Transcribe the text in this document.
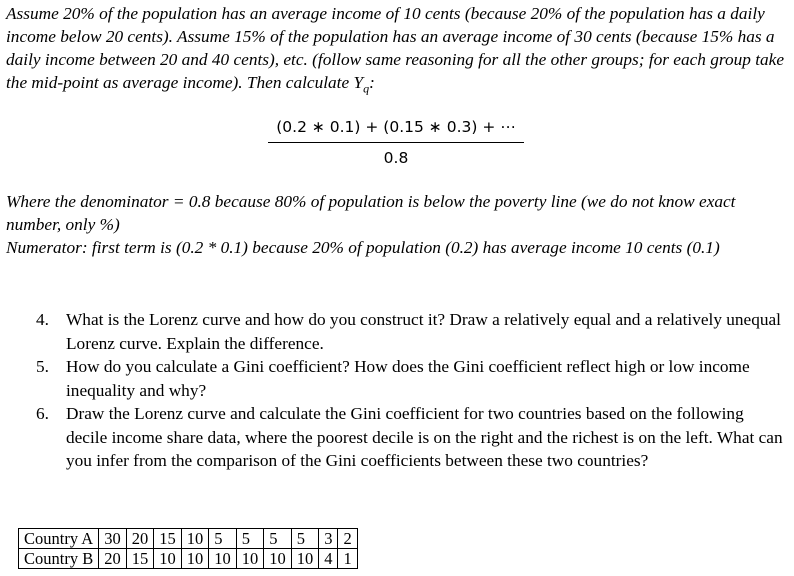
Assume 20% of the population has an average income of 10 cents (because 20% of the population has a daily income below 20 cents). Assume 15% of the population has an average income of 30 cents (because 15% has a daily income between 20 and 40 cents), etc. (follow same reasoning for all the other groups; for each group take the mid-point as average income). Then calculate $Y_q$:
$\frac{(0.2 ∗ 0.1) + (0.15 ∗ 0.3) + \cdots}{0.8}$

Where the denominator = 0.8 because 80% of population is below the poverty line (we do not know exact number, only %)

Numerator: first term is (0.2 * 0.1) because 20% of population (0.2) has average income 10 cents (0.1)

4. What is the Lorenz curve and how do you construct it? Draw a relatively equal and a relatively unequal Lorenz curve. Explain the difference.
5. How do you calculate a Gini coefficient? How does the Gini coefficient reflect high or low income inequality and why?
6. Draw the Lorenz curve and calculate the Gini coefficient for two countries based on the following decile income share data, where the poorest decile is on the right and the richest is on the left. What can you infer from the comparison of the Gini coefficients between these two countries?
Country A	30	20	15	10	5	5	5	5	3	2
Country B	20	15	10	10	10	10	10	10	4	1
